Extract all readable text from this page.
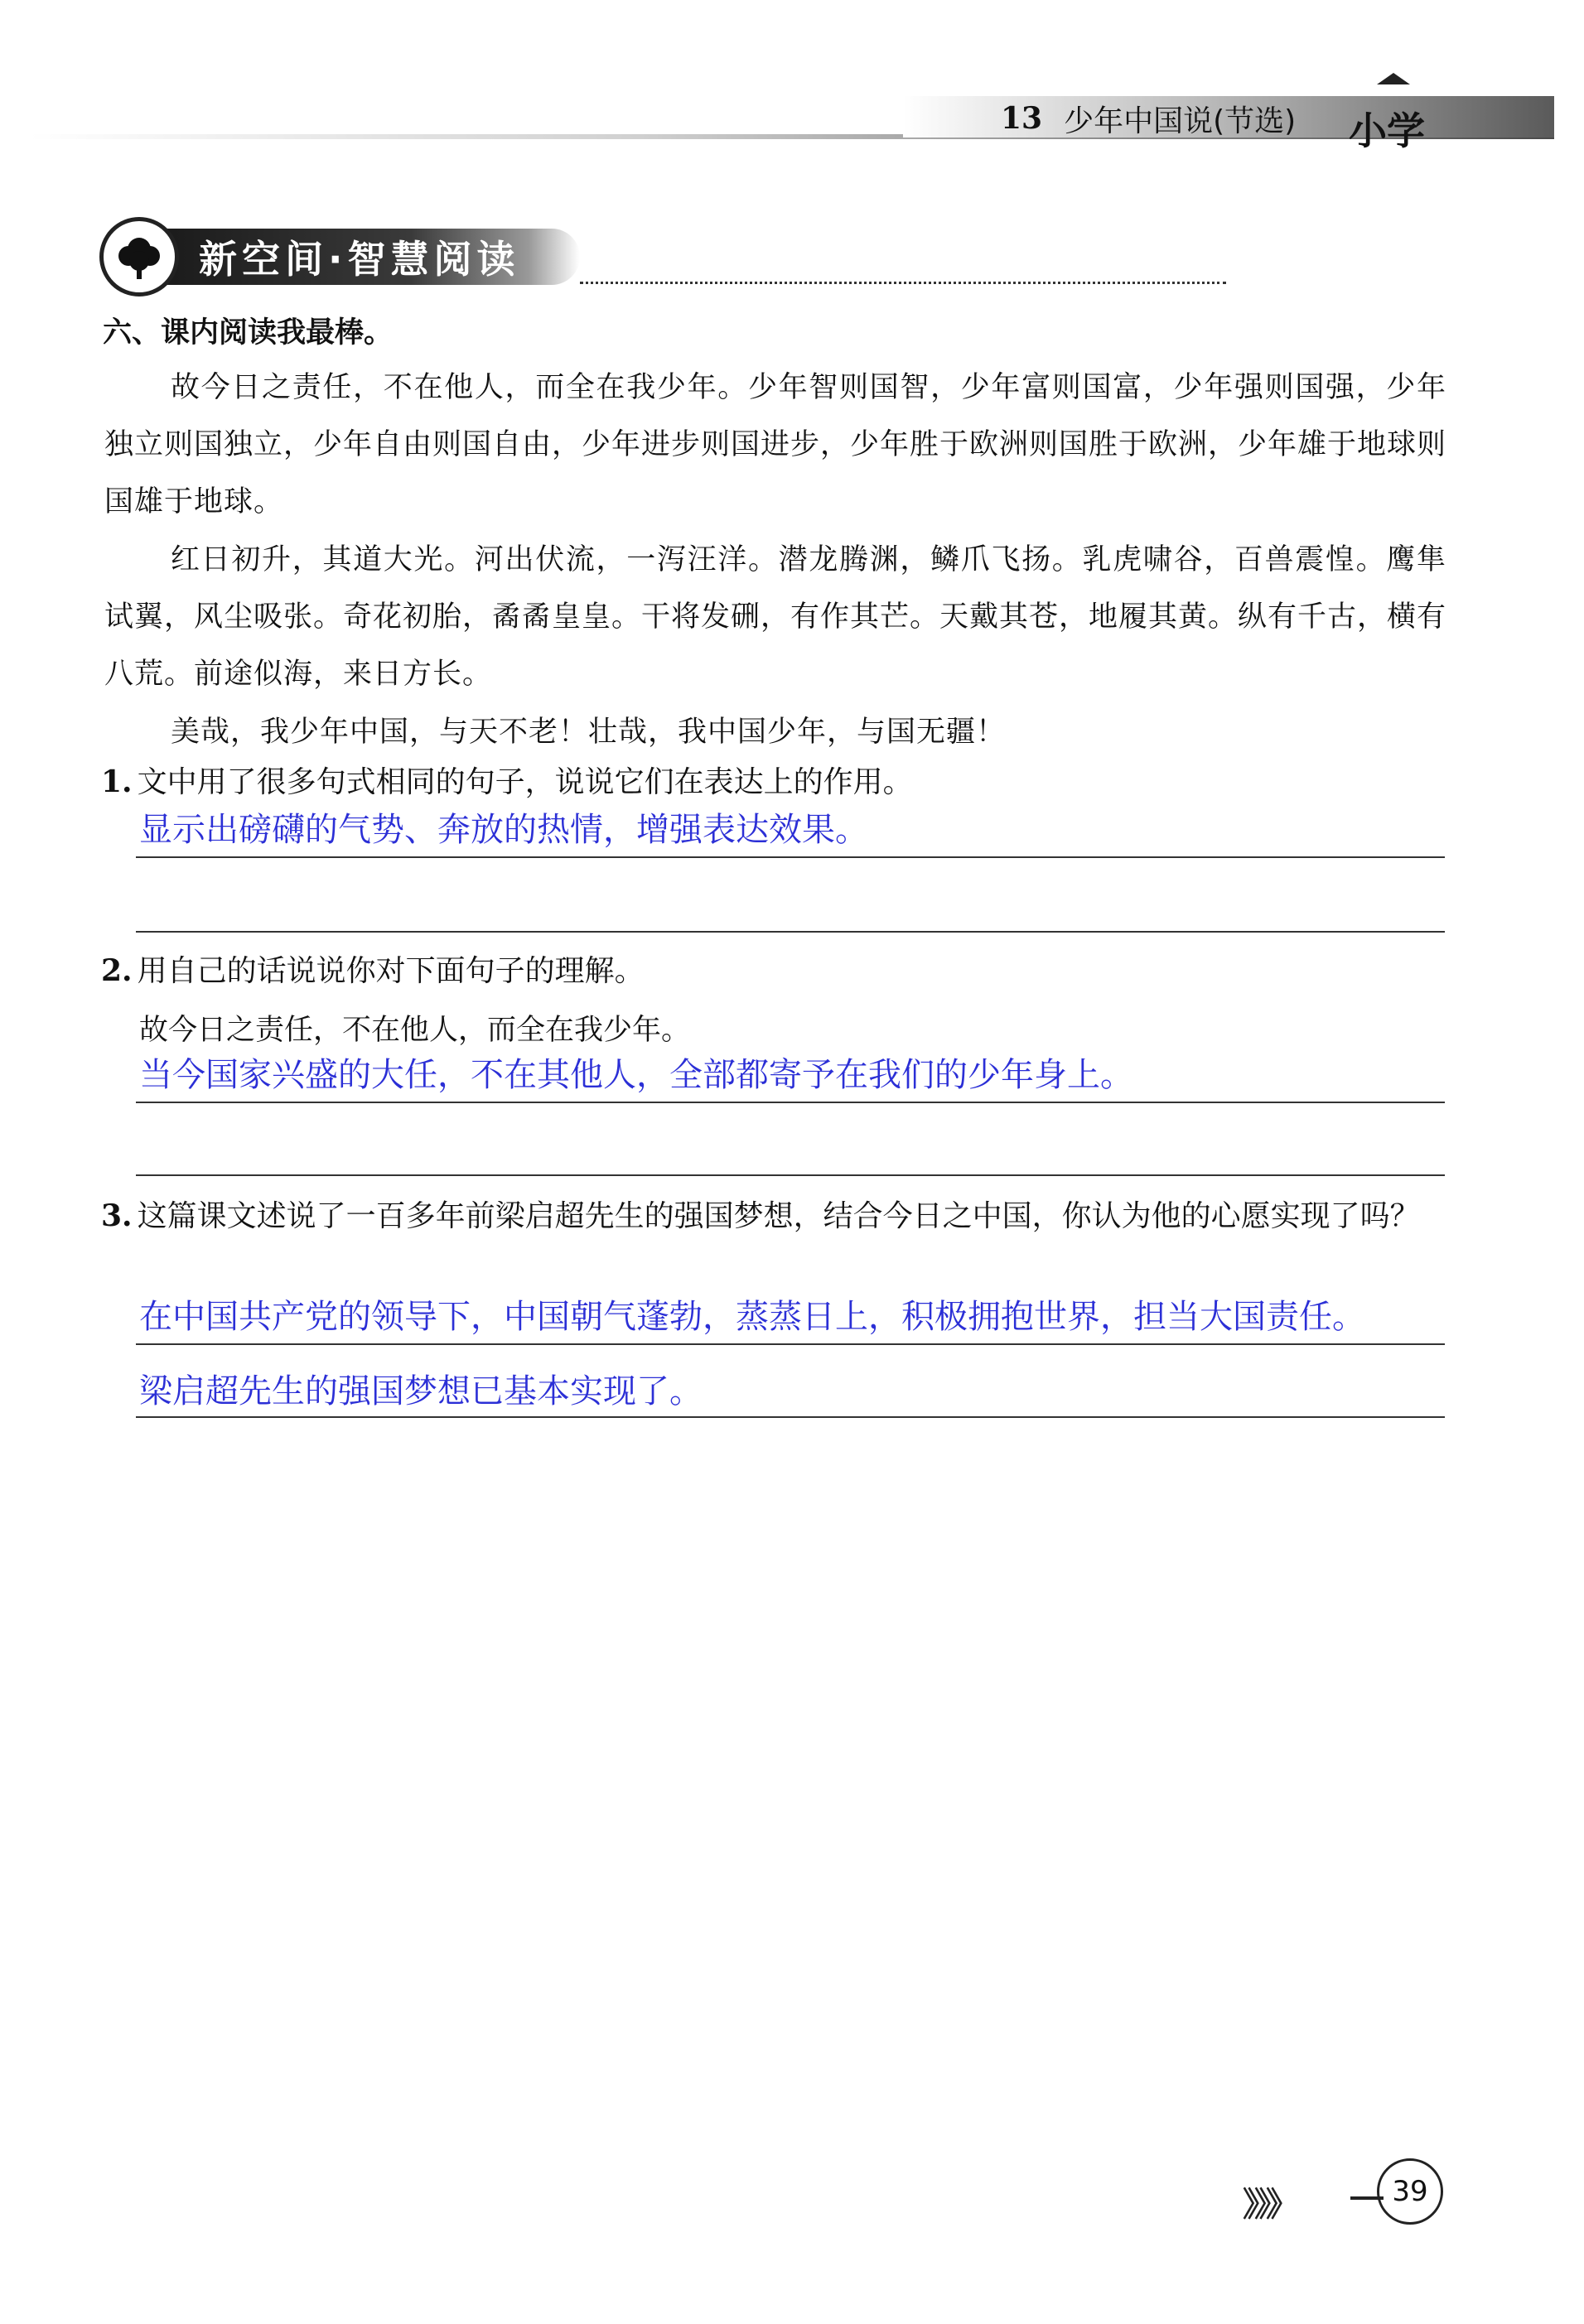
13 少年中国说(节选) 小学
新空间·智慧阅读
六、课内阅读我最棒。

故今日之责任，不在他人，而全在我少年。少年智则国智，少年富则国富，少年强则国强，少年独立则国独立，少年自由则国自由，少年进步则国进步，少年胜于欧洲则国胜于欧洲，少年雄于地球则国雄于地球。

红日初升，其道大光。河出伏流，一泻汪洋。潜龙腾渊，鳞爪飞扬。乳虎啸谷，百兽震惶。鹰隼试翼，风尘吸张。奇花初胎，矞矞皇皇。干将发硎，有作其芒。天戴其苍，地履其黄。纵有千古，横有八荒。前途似海，来日方长。

美哉，我少年中国，与天不老！壮哉，我中国少年，与国无疆！

1. 文中用了很多句式相同的句子，说说它们在表达上的作用。
显示出磅礴的气势、奔放的热情，增强表达效果。
2. 用自己的话说说你对下面句子的理解。
故今日之责任，不在他人，而全在我少年。
当今国家兴盛的大任，不在其他人，全部都寄予在我们的少年身上。
3. 这篇课文述说了一百多年前梁启超先生的强国梦想，结合今日之中国，你认为他的心愿实现了吗？
在中国共产党的领导下，中国朝气蓬勃，蒸蒸日上，积极拥抱世界，担当大国责任。
梁启超先生的强国梦想已基本实现了。
》》》	39
